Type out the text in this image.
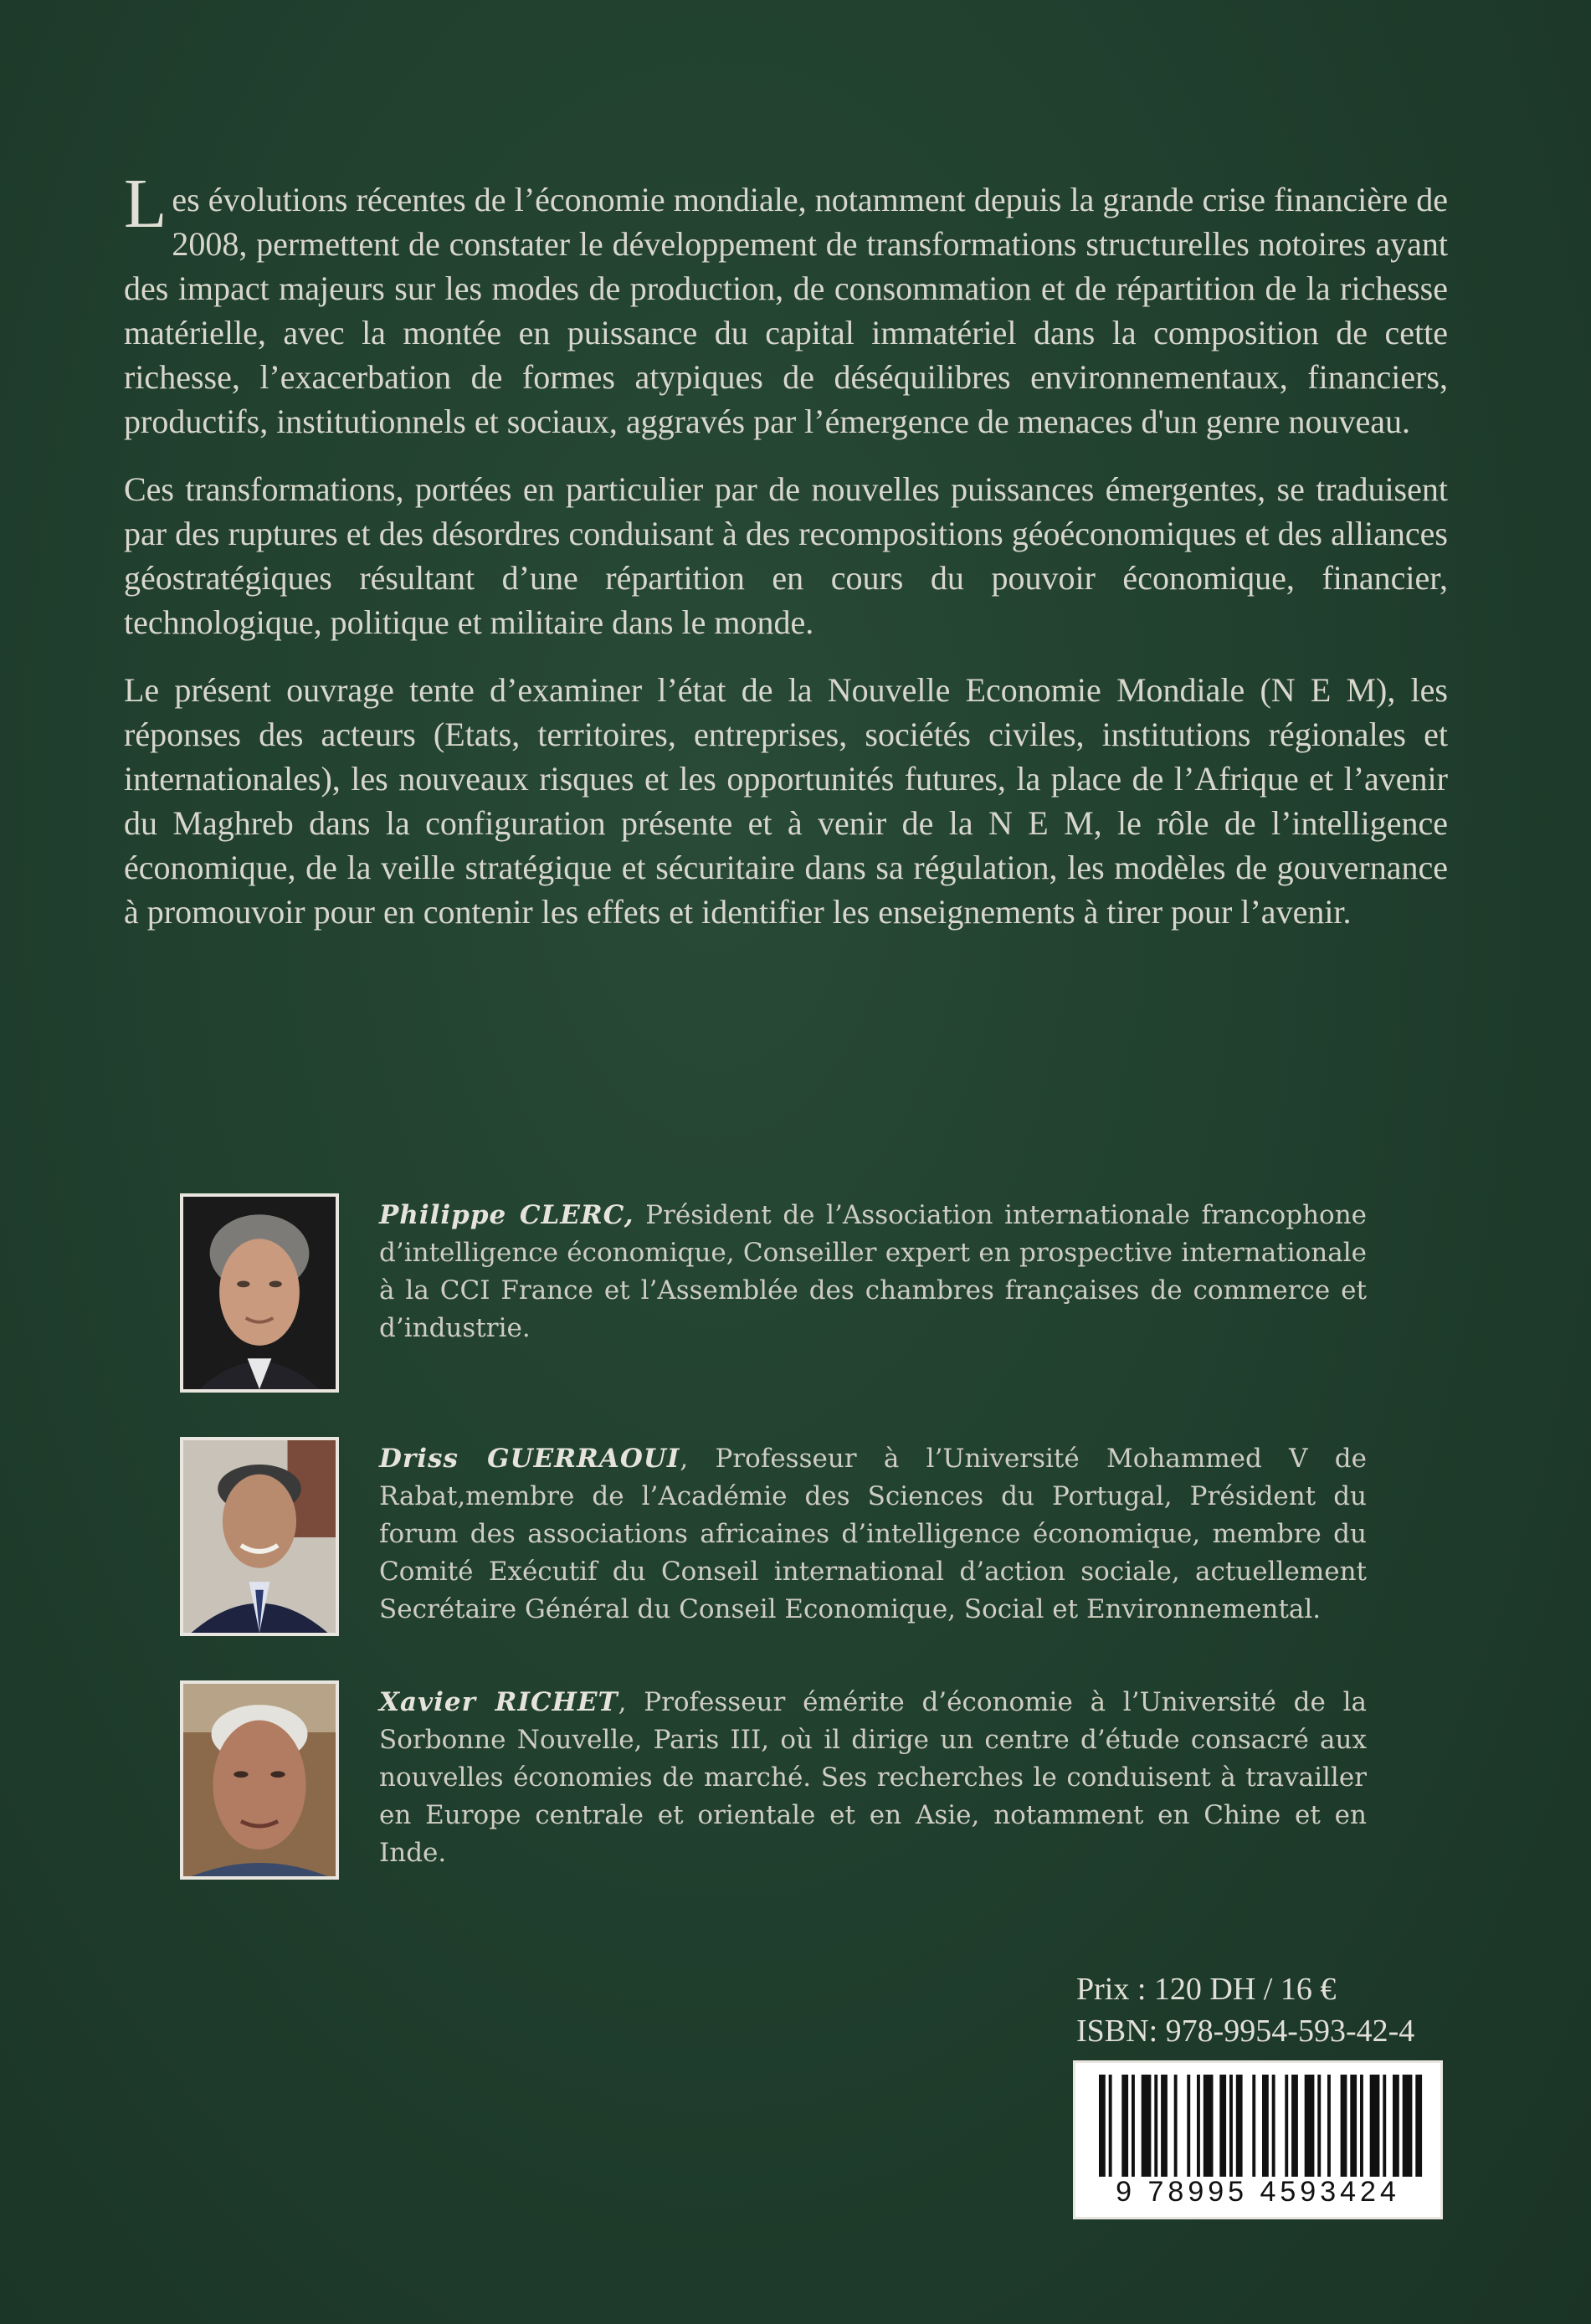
Les évolutions récentes de l’économie mondiale, notamment depuis la grande crise financière de 2008, permettent de constater le développement de transformations structurelles notoires ayant des impact majeurs sur les modes de production, de consommation et de répartition de la richesse matérielle, avec la montée en puissance du capital immatériel dans la composition de cette richesse, l’exacerbation de formes atypiques de déséquilibres environnementaux, financiers, productifs, institutionnels et sociaux, aggravés par l’émergence de menaces d'un genre nouveau.

Ces transformations, portées en particulier par de nouvelles puissances émergentes, se traduisent par des ruptures et des désordres conduisant à des recompositions géoéconomiques et des alliances géostratégiques résultant d’une répartition en cours du pouvoir économique, financier, technologique, politique et militaire dans le monde.

Le présent ouvrage tente d’examiner l’état de la Nouvelle Economie Mondiale (N E M), les réponses des acteurs (Etats, territoires, entreprises, sociétés civiles, institutions régionales et internationales), les nouveaux risques et les opportunités futures, la place de l’Afrique et l’avenir du Maghreb dans la configuration présente et à venir de la N E M, le rôle de l’intelligence économique, de la veille stratégique et sécuritaire dans sa régulation, les modèles de gouvernance à promouvoir pour en contenir les effets et identifier les enseignements à tirer pour l’avenir.

Philippe CLERC, Président de l’Association internationale francophone d’intelligence économique, Conseiller expert en prospective internationale à la CCI France et l’Assemblée des chambres françaises de commerce et d’industrie.
Driss GUERRAOUI, Professeur à l’Université Mohammed V de Rabat,membre de l’Académie des Sciences du Portugal, Président du forum des associations africaines d’intelligence économique, membre du Comité Exécutif du Conseil international d’action sociale, actuellement Secrétaire Général du Conseil Economique, Social et Environnemental.
Xavier RICHET, Professeur émérite d’économie à l’Université de la Sorbonne Nouvelle, Paris III, où il dirige un centre d’étude consacré aux nouvelles économies de marché. Ses recherches le conduisent à travailler en Europe centrale et orientale et en Asie, notamment en Chine et en Inde.
Prix : 120 DH / 16 €
ISBN: 978-9954-593-42-4
9 78995 4593424
